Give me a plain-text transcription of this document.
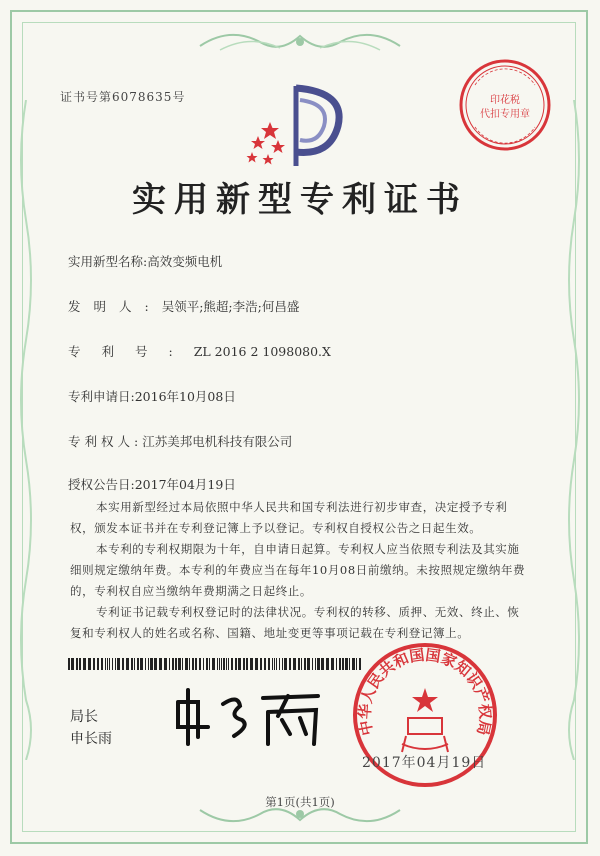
证书号第6078635号	印花税
代扣专用章
实用新型专利证书
实用新型名称:高效变频电机
发明人:吴领平;熊超;李浩;何昌盛
专利号:ZL 2016 2 1098080.X
专利申请日:2016年10月08日
专利权人:江苏美邦电机科技有限公司
授权公告日:2017年04月19日
本实用新型经过本局依照中华人民共和国专利法进行初步审查，决定授予专利权，颁发本证书并在专利登记簿上予以登记。专利权自授权公告之日起生效。
本专利的专利权期限为十年，自申请日起算。专利权人应当依照专利法及其实施细则规定缴纳年费。本专利的年费应当在每年10月08日前缴纳。未按照规定缴纳年费的，专利权自应当缴纳年费期满之日起终止。
专利证书记载专利权登记时的法律状况。专利权的转移、质押、无效、终止、恢复和专利权人的姓名或名称、国籍、地址变更等事项记载在专利登记簿上。
局长
申长雨
中华人民共和国国家知识产权局
2017年04月19日
第1页(共1页)
